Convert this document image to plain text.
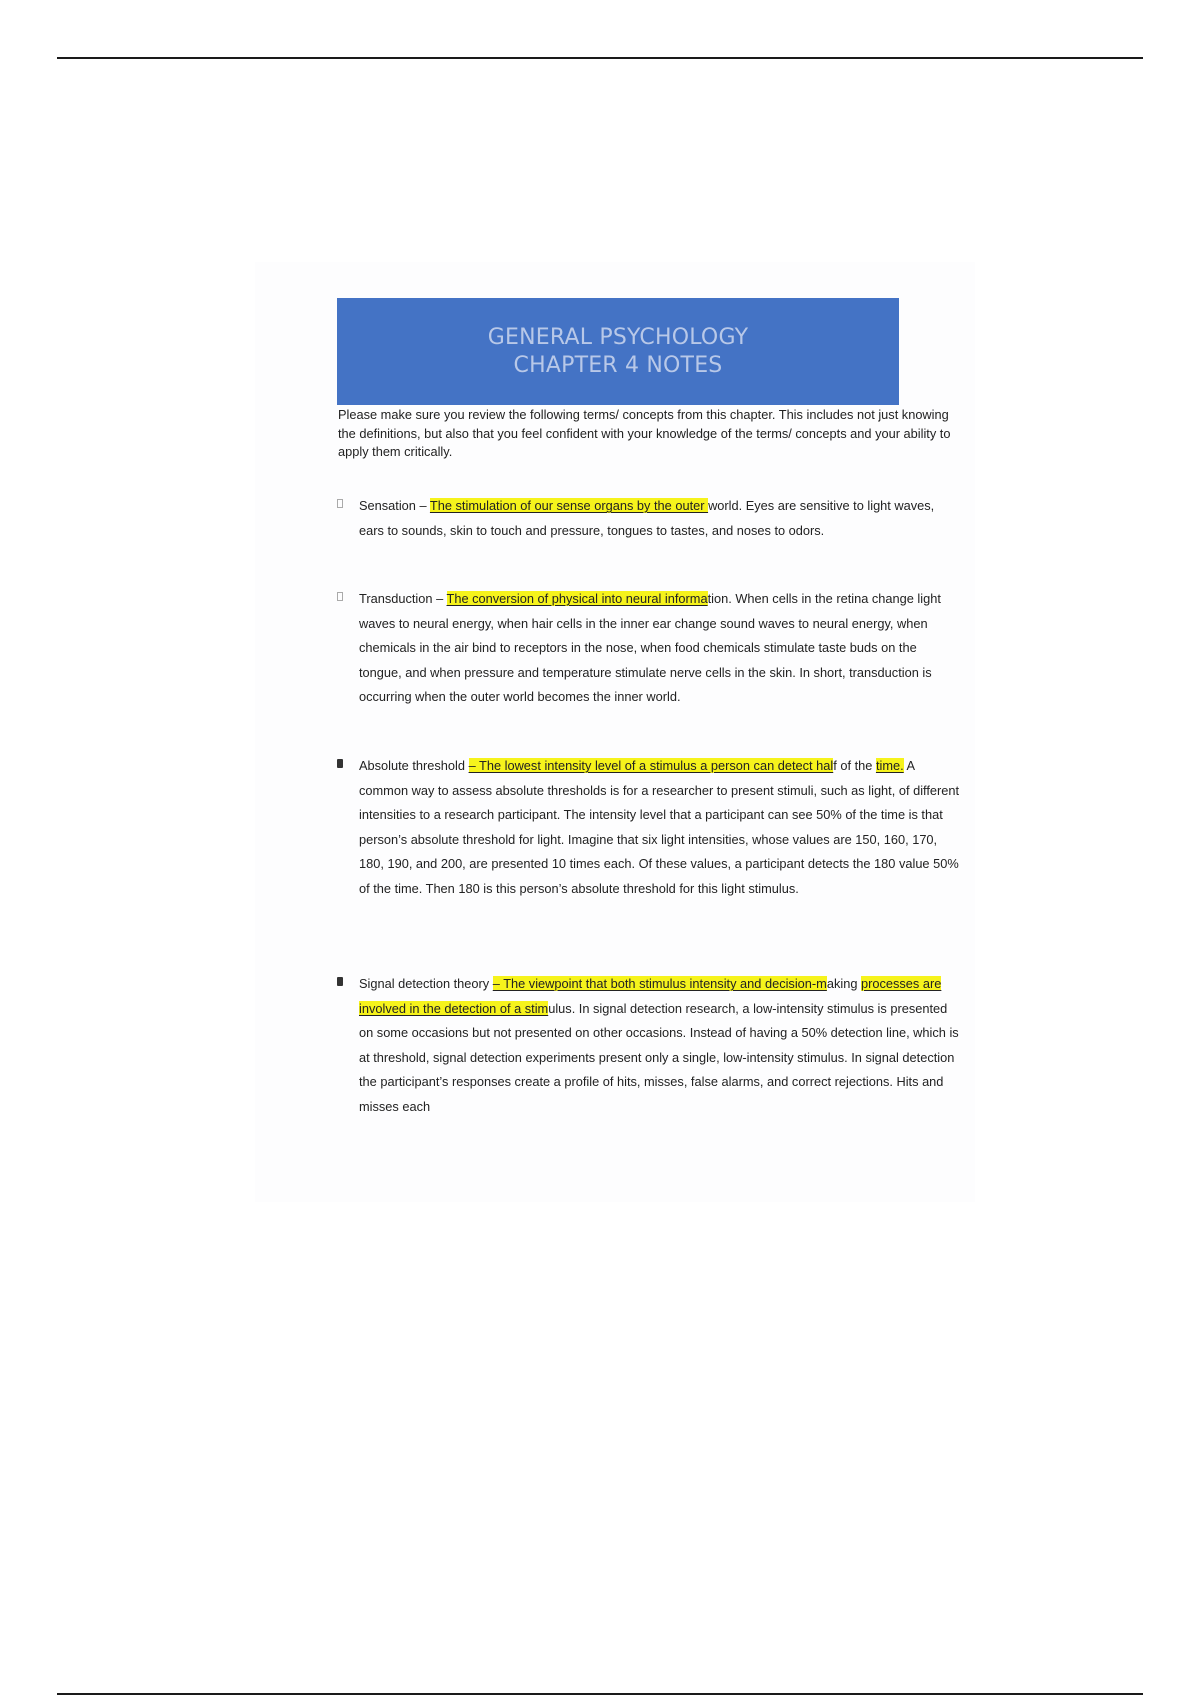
GENERAL PSYCHOLOGY
CHAPTER 4 NOTES
Please make sure you review the following terms/ concepts from this chapter. This includes not just knowing the definitions, but also that you feel confident with your knowledge of the terms/ concepts and your ability to apply them critically.
Sensation – The stimulation of our sense organs by the outer world. Eyes are sensitive to light waves, ears to sounds, skin to touch and pressure, tongues to tastes, and noses to odors.
Transduction – The conversion of physical into neural information. When cells in the retina change light waves to neural energy, when hair cells in the inner ear change sound waves to neural energy, when chemicals in the air bind to receptors in the nose, when food chemicals stimulate taste buds on the tongue, and when pressure and temperature stimulate nerve cells in the skin. In short, transduction is occurring when the outer world becomes the inner world.
Absolute threshold – The lowest intensity level of a stimulus a person can detect half of the time. A common way to assess absolute thresholds is for a researcher to present stimuli, such as light, of different intensities to a research participant. The intensity level that a participant can see 50% of the time is that person’s absolute threshold for light. Imagine that six light intensities, whose values are 150, 160, 170, 180, 190, and 200, are presented 10 times each. Of these values, a participant detects the 180 value 50% of the time. Then 180 is this person’s absolute threshold for this light stimulus.
Signal detection theory – The viewpoint that both stimulus intensity and decision-making processes are involved in the detection of a stimulus. In signal detection research, a low-intensity stimulus is presented on some occasions but not presented on other occasions. Instead of having a 50% detection line, which is at threshold, signal detection experiments present only a single, low-intensity stimulus. In signal detection the participant’s responses create a profile of hits, misses, false alarms, and correct rejections. Hits and misses each
